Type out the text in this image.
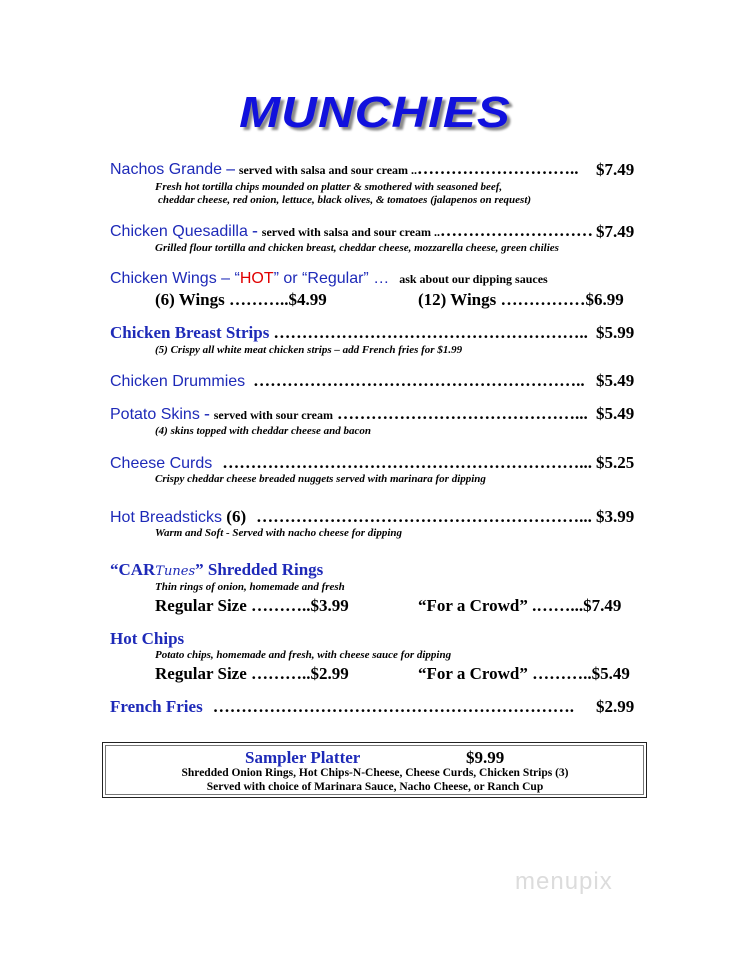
MUNCHIES
Nachos Grande – served with salsa and sour cream ..……………………….. $7.49
Fresh hot tortilla chips mounded on platter & smothered with seasoned beef,
cheddar cheese, red onion, lettuce, black olives, & tomatoes (jalapenos on request)
Chicken Quesadilla - served with salsa and sour cream ..……………………… $7.49
Grilled flour tortilla and chicken breast, cheddar cheese, mozzarella cheese, green chilies
Chicken Wings – “HOT” or “Regular” … ask about our dipping sauces
(6) Wings ………..$4.99	(12) Wings ……………$6.99
Chicken Breast Strips ……………………………………………….. $5.99
(5) Crispy all white meat chicken strips – add French fries for $1.99
Chicken Drummies ………………………………………………….. $5.49
Potato Skins - served with sour cream ……………………………………... $5.49
(4) skins topped with cheddar cheese and bacon
Cheese Curds ………………………………………………………... $5.25
Crispy cheddar cheese breaded nuggets served with marinara for dipping
Hot Breadsticks (6) …………………………………………………... $3.99
Warm and Soft - Served with nacho cheese for dipping
“CARTunes” Shredded Rings
Thin rings of onion, homemade and fresh
Regular Size ………..$3.99	“For a Crowd” .……...$7.49
Hot Chips
Potato chips, homemade and fresh, with cheese sauce for dipping
Regular Size ………..$2.99	“For a Crowd” ………..$5.49
French Fries ………………………………………………………. $2.99
Sampler Platter	$9.99
Shredded Onion Rings, Hot Chips-N-Cheese, Cheese Curds, Chicken Strips (3)
Served with choice of Marinara Sauce, Nacho Cheese, or Ranch Cup
menupix
